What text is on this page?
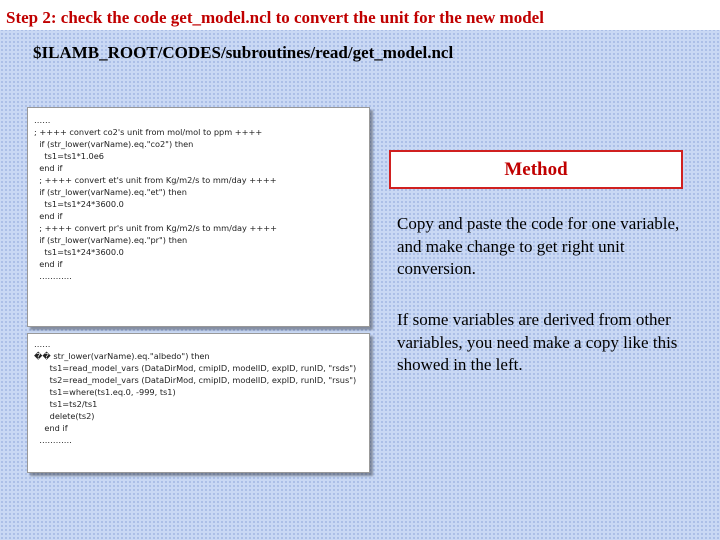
Step 2: check the code get_model.ncl to convert the unit for the new model
$ILAMB_ROOT/CODES/subroutines/read/get_model.ncl
……
; ++++ convert co2's unit from mol/mol to ppm ++++
if (str_lower(varName).eq."co2") then
ts1=ts1*1.0e6
end if
; ++++ convert et's unit from Kg/m2/s to mm/day ++++
if (str_lower(varName).eq."et") then
ts1=ts1*24*3600.0
end if
; ++++ convert pr's unit from Kg/m2/s to mm/day ++++
if (str_lower(varName).eq."pr") then
ts1=ts1*24*3600.0
end if
…………
……
�� str_lower(varName).eq."albedo") then
ts1=read_model_vars (DataDirMod, cmipID, modelID, expID, runID, "rsds")
ts2=read_model_vars (DataDirMod, cmipID, modelID, expID, runID, "rsus")
ts1=where(ts1.eq.0, -999, ts1)
ts1=ts2/ts1
delete(ts2)
end if
…………
Method
Copy and paste the code for one variable, and make change to get right unit conversion.
If some variables are derived from other variables, you need make a copy like this showed in the left.
